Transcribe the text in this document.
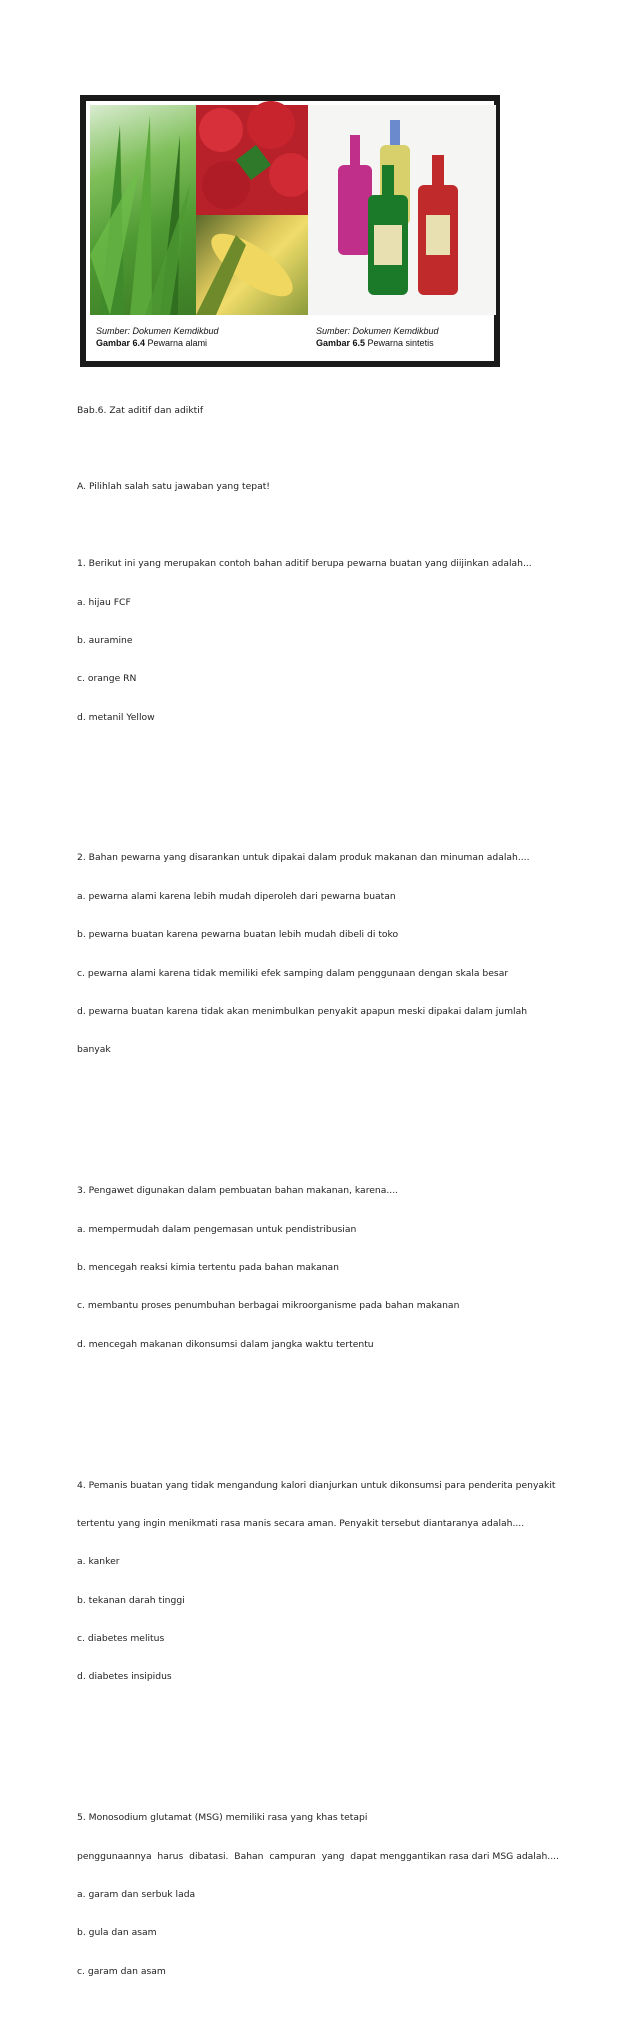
Sumber: Dokumen Kemdikbud
Gambar 6.4 Pewarna alami
Sumber: Dokumen Kemdikbud
Gambar 6.5 Pewarna sintetis

Bab.6. Zat aditif dan adiktif

A. Pilihlah salah satu jawaban yang tepat!

1. Berikut ini yang merupakan contoh bahan aditif berupa pewarna buatan yang diijinkan adalah...

a. hijau FCF

b. auramine

c. orange RN

d. metanil Yellow

2. Bahan pewarna yang disarankan untuk dipakai dalam produk makanan dan minuman adalah....

a. pewarna alami karena lebih mudah diperoleh dari pewarna buatan

b. pewarna buatan karena pewarna buatan lebih mudah dibeli di toko

c. pewarna alami karena tidak memiliki efek samping dalam penggunaan dengan skala besar

d. pewarna buatan karena tidak akan menimbulkan penyakit apapun meski dipakai dalam jumlah

banyak

3. Pengawet digunakan dalam pembuatan bahan makanan, karena....

a. mempermudah dalam pengemasan untuk pendistribusian

b. mencegah reaksi kimia tertentu pada bahan makanan

c. membantu proses penumbuhan berbagai mikroorganisme pada bahan makanan

d. mencegah makanan dikonsumsi dalam jangka waktu tertentu

4. Pemanis buatan yang tidak mengandung kalori dianjurkan untuk dikonsumsi para penderita penyakit

tertentu yang ingin menikmati rasa manis secara aman. Penyakit tersebut diantaranya adalah....

a. kanker

b. tekanan darah tinggi

c. diabetes melitus

d. diabetes insipidus

5. Monosodium glutamat (MSG) memiliki rasa yang khas tetapi

penggunaannya  harus  dibatasi.  Bahan  campuran  yang  dapat menggantikan rasa dari MSG adalah....

a. garam dan serbuk lada

b. gula dan asam

c. garam dan asam
